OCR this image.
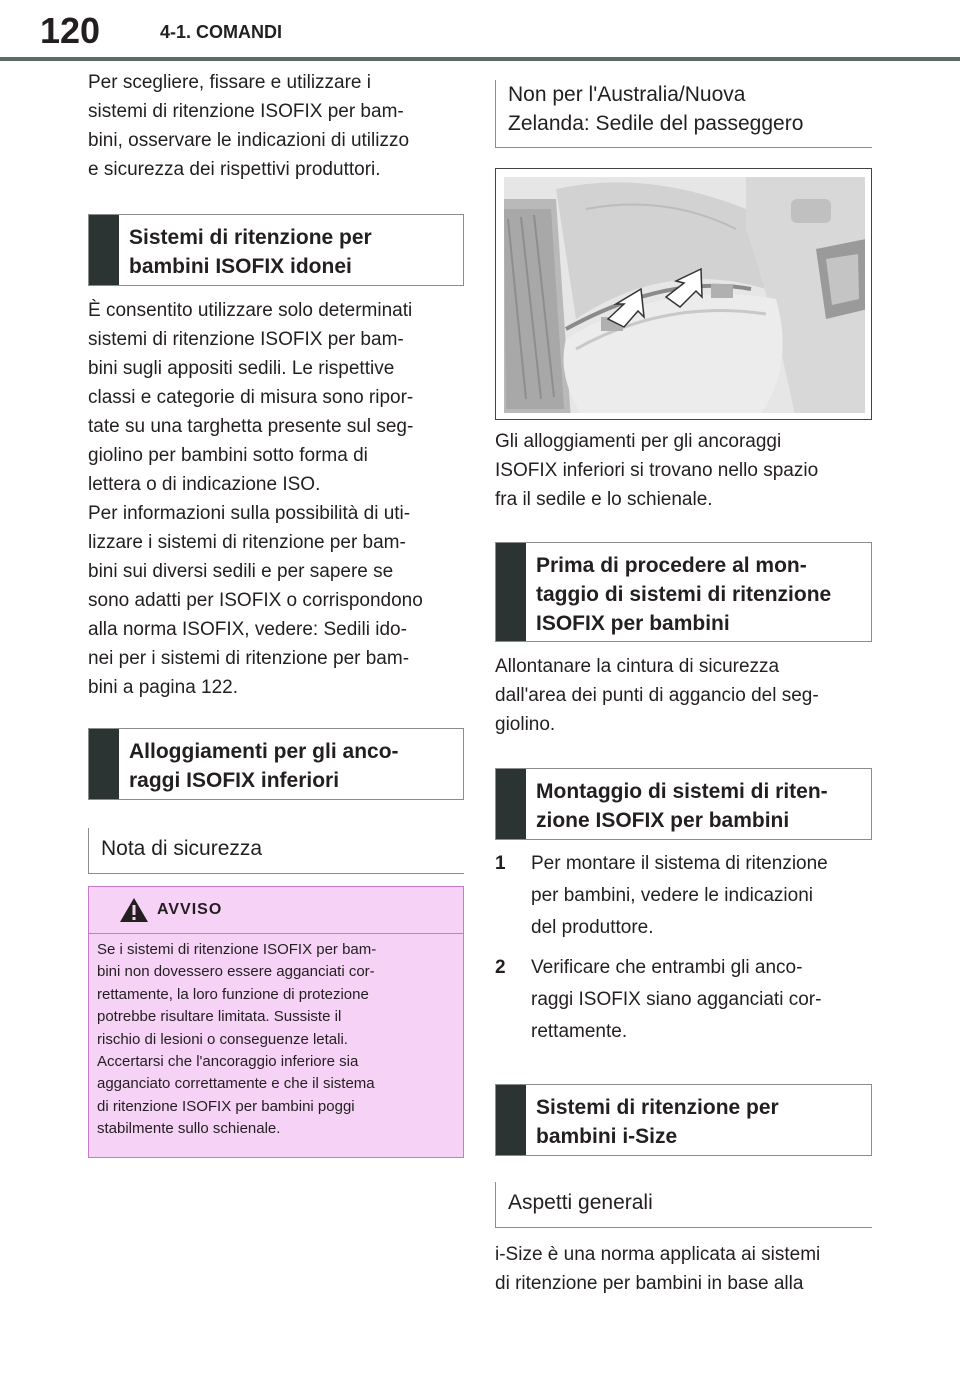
120	4-1. COMANDI
Per scegliere, fissare e utilizzare i
sistemi di ritenzione ISOFIX per bam-
bini, osservare le indicazioni di utilizzo
e sicurezza dei rispettivi produttori.
Sistemi di ritenzione per
bambini ISOFIX idonei
È consentito utilizzare solo determinati
sistemi di ritenzione ISOFIX per bam-
bini sugli appositi sedili. Le rispettive
classi e categorie di misura sono ripor-
tate su una targhetta presente sul seg-
giolino per bambini sotto forma di
lettera o di indicazione ISO.
Per informazioni sulla possibilità di uti-
lizzare i sistemi di ritenzione per bam-
bini sui diversi sedili e per sapere se
sono adatti per ISOFIX o corrispondono
alla norma ISOFIX, vedere: Sedili ido-
nei per i sistemi di ritenzione per bam-
bini a pagina 122.
Alloggiamenti per gli anco-
raggi ISOFIX inferiori
Nota di sicurezza
AVVISO
Se i sistemi di ritenzione ISOFIX per bam-
bini non dovessero essere agganciati cor-
rettamente, la loro funzione di protezione
potrebbe risultare limitata. Sussiste il
rischio di lesioni o conseguenze letali.
Accertarsi che l'ancoraggio inferiore sia
agganciato correttamente e che il sistema
di ritenzione ISOFIX per bambini poggi
stabilmente sullo schienale.
Non per l'Australia/Nuova
Zelanda: Sedile del passeggero
Gli alloggiamenti per gli ancoraggi
ISOFIX inferiori si trovano nello spazio
fra il sedile e lo schienale.
Prima di procedere al mon-
taggio di sistemi di ritenzione
ISOFIX per bambini
Allontanare la cintura di sicurezza
dall'area dei punti di aggancio del seg-
giolino.
Montaggio di sistemi di riten-
zione ISOFIX per bambini
1 Per montare il sistema di ritenzione
per bambini, vedere le indicazioni
del produttore.
2 Verificare che entrambi gli anco-
raggi ISOFIX siano agganciati cor-
rettamente.
Sistemi di ritenzione per
bambini i-Size
Aspetti generali
i-Size è una norma applicata ai sistemi
di ritenzione per bambini in base alla
